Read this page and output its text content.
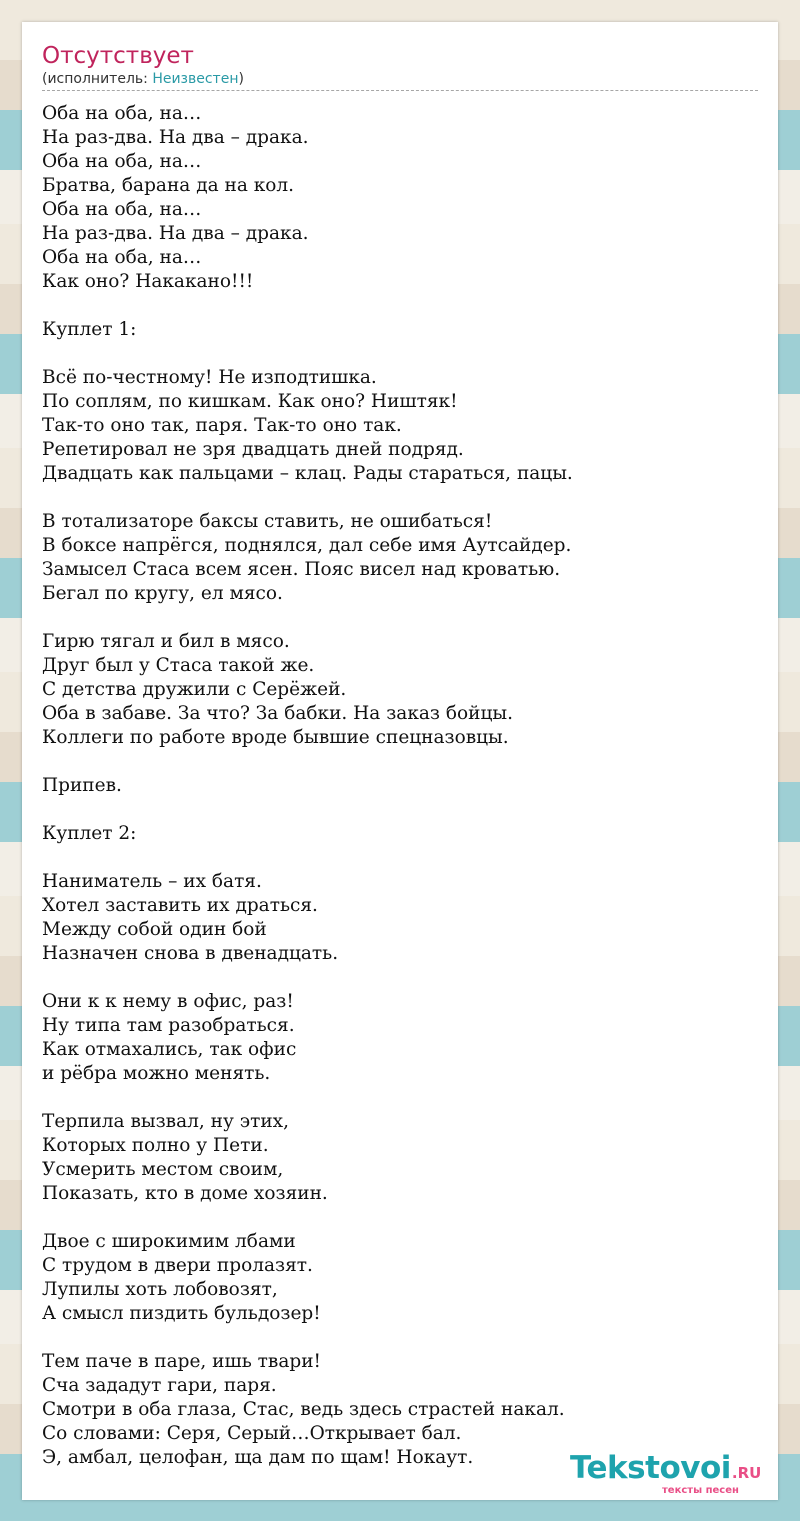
Отсутствует
(исполнитель: Неизвестен)
Оба на оба, на…
На раз-два. На два – драка.
Оба на оба, на…
Братва, барана да на кол.
Оба на оба, на…
На раз-два. На два – драка.
Оба на оба, на…
Как оно? Накакано!!!
Куплет 1:
Всё по-честному! Не изподтишка.
По соплям, по кишкам. Как оно? Ништяк!
Так-то оно так, паря. Так-то оно так.
Репетировал не зря двадцать дней подряд.
Двадцать как пальцами – клац. Рады стараться, пацы.
В тотализаторе баксы ставить, не ошибаться!
В боксе напрёгся, поднялся, дал себе имя Аутсайдер.
Замысел Стаса всем ясен. Пояс висел над кроватью.
Бегал по кругу, ел мясо.
Гирю тягал и бил в мясо.
Друг был у Стаса такой же.
С детства дружили с Серёжей.
Оба в забаве. За что? За бабки. На заказ бойцы.
Коллеги по работе вроде бывшие спецназовцы.
Припев.
Куплет 2:
Наниматель – их батя.
Хотел заставить их драться.
Между собой один бой
Назначен снова в двенадцать.
Они к к нему в офис, раз!
Ну типа там разобраться.
Как отмахались, так офис
и рёбра можно менять.
Терпила вызвал, ну этих,
Которых полно у Пети.
Усмерить местом своим,
Показать, кто в доме хозяин.
Двое с широкимим лбами
С трудом в двери пролазят.
Лупилы хоть лобовозят,
А смысл пиздить бульдозер!
Тем паче в паре, ишь твари!
Сча зададут гари, паря.
Смотри в оба глаза, Стас, ведь здесь страстей накал.
Со словами: Серя, Серый…Открывает бал.
Э, амбал, целофан, ща дам по щам! Нокаут.	Tekstovoi.RU
тексты песен
